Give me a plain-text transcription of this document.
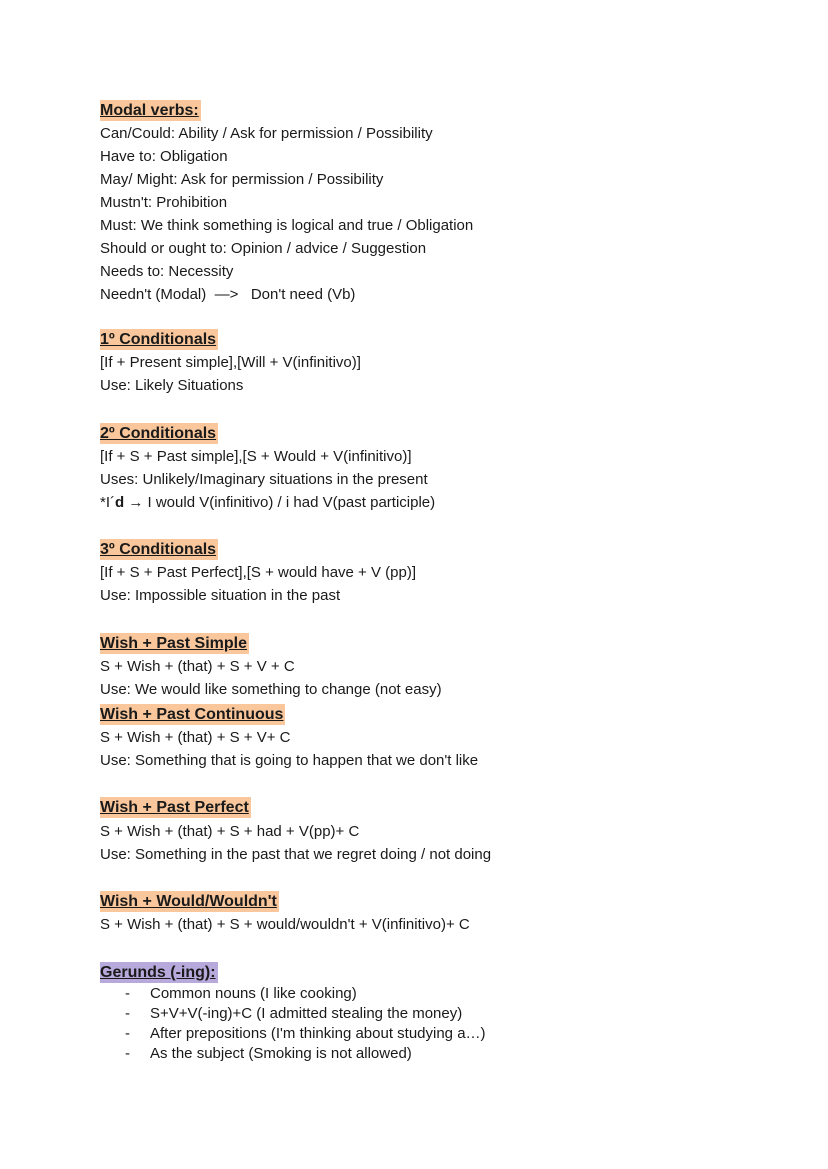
Modal verbs:
Can/Could: Ability / Ask for permission / Possibility
Have to: Obligation
May/ Might: Ask for permission / Possibility
Mustn't: Prohibition
Must: We think something is logical and true / Obligation
Should or ought to: Opinion / advice / Suggestion
Needs to: Necessity
Needn't (Modal)  —>   Don't need (Vb)
1º Conditionals
[If + Present simple],[Will + V(infinitivo)]
Use: Likely Situations
2º Conditionals
[If + S + Past simple],[S + Would + V(infinitivo)]
Uses: Unlikely/Imaginary situations in the present
*I´d → I would V(infinitivo) / i had V(past participle)
3º Conditionals
[If + S + Past Perfect],[S + would have + V (pp)]
Use: Impossible situation in the past
Wish + Past Simple
S + Wish + (that) + S + V + C
Use: We would like something to change (not easy)
Wish + Past Continuous
S + Wish + (that) + S + V+ C
Use: Something that is going to happen that we don't like
Wish + Past Perfect
S + Wish + (that) + S + had + V(pp)+ C
Use: Something in the past that we regret doing / not doing
Wish + Would/Wouldn't
S + Wish + (that) + S + would/wouldn't + V(infinitivo)+ C
Gerunds (-ing):
- Common nouns (I like cooking)
- S+V+V(-ing)+C (I admitted stealing the money)
- After prepositions (I'm thinking about studying a…)
- As the subject (Smoking is not allowed)
